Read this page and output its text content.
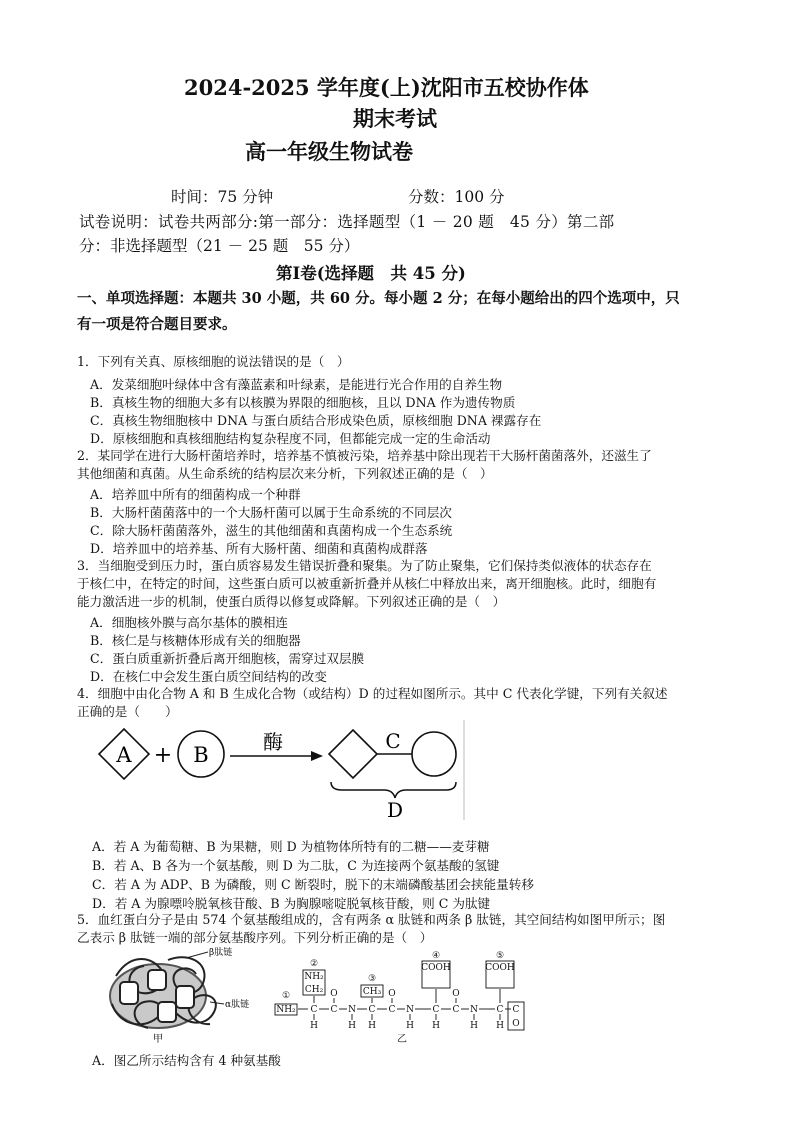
2024-2025 学年度(上)沈阳市五校协作体
期末考试
高一年级生物试卷
时间：75 分钟	分数：100 分
试卷说明：试卷共两部分:第一部分：选择题型（1 － 20 题　45 分）第二部
分：非选择题型（21 － 25 题　55 分）
第Ⅰ卷(选择题　共 45 分)
一、单项选择题：本题共 30 小题，共 60 分。每小题 2 分；在每小题给出的四个选项中，只
有一项是符合题目要求。
1．下列有关真、原核细胞的说法错误的是（　）
A．发菜细胞叶绿体中含有藻蓝素和叶绿素，是能进行光合作用的自养生物
B．真核生物的细胞大多有以核膜为界限的细胞核，且以 DNA 作为遗传物质
C．真核生物细胞核中 DNA 与蛋白质结合形成染色质，原核细胞 DNA 裸露存在
D．原核细胞和真核细胞结构复杂程度不同，但都能完成一定的生命活动
2．某同学在进行大肠杆菌培养时，培养基不慎被污染，培养基中除出现若干大肠杆菌菌落外，还滋生了
其他细菌和真菌。从生命系统的结构层次来分析，下列叙述正确的是（　）
A．培养皿中所有的细菌构成一个种群
B．大肠杆菌菌落中的一个大肠杆菌可以属于生命系统的不同层次
C．除大肠杆菌菌落外，滋生的其他细菌和真菌构成一个生态系统
D．培养皿中的培养基、所有大肠杆菌、细菌和真菌构成群落
3．当细胞受到压力时，蛋白质容易发生错误折叠和聚集。为了防止聚集，它们保持类似液体的状态存在
于核仁中，在特定的时间，这些蛋白质可以被重新折叠并从核仁中释放出来，离开细胞核。此时，细胞有
能力激活进一步的机制，使蛋白质得以修复或降解。下列叙述正确的是（　）
A．细胞核外膜与高尔基体的膜相连
B．核仁是与核糖体形成有关的细胞器
C．蛋白质重新折叠后离开细胞核，需穿过双层膜
D．在核仁中会发生蛋白质空间结构的改变
4．细胞中由化合物 A 和 B 生成化合物（或结构）D 的过程如图所示。其中 C 代表化学键，下列有关叙述
正确的是（　　）
A + B
酶	C
D
A．若 A 为葡萄糖、B 为果糖，则 D 为植物体所特有的二糖——麦芽糖
B．若 A、B 各为一个氨基酸，则 D 为二肽，C 为连接两个氨基酸的氢键
C．若 A 为 ADP、B 为磷酸，则 C 断裂时，脱下的末端磷酸基团会挟能量转移
D．若 A 为腺嘌呤脱氧核苷酸、B 为胸腺嘧啶脱氧核苷酸，则 C 为肽键
5．血红蛋白分子是由 574 个氨基酸组成的，含有两条 α 肽链和两条 β 肽链，其空间结构如图甲所示；图
乙表示 β 肽链一端的部分氨基酸序列。下列分析正确的是（　）
β肽链
α肽链
甲
①
②
③
④	⑤
NH₂
CH₂	CH₃
COOH	COOH
NH₂ C C N C C N C C N C C
O	O	O
O
H	H H	H H	H H
乙
A．图乙所示结构含有 4 种氨基酸
